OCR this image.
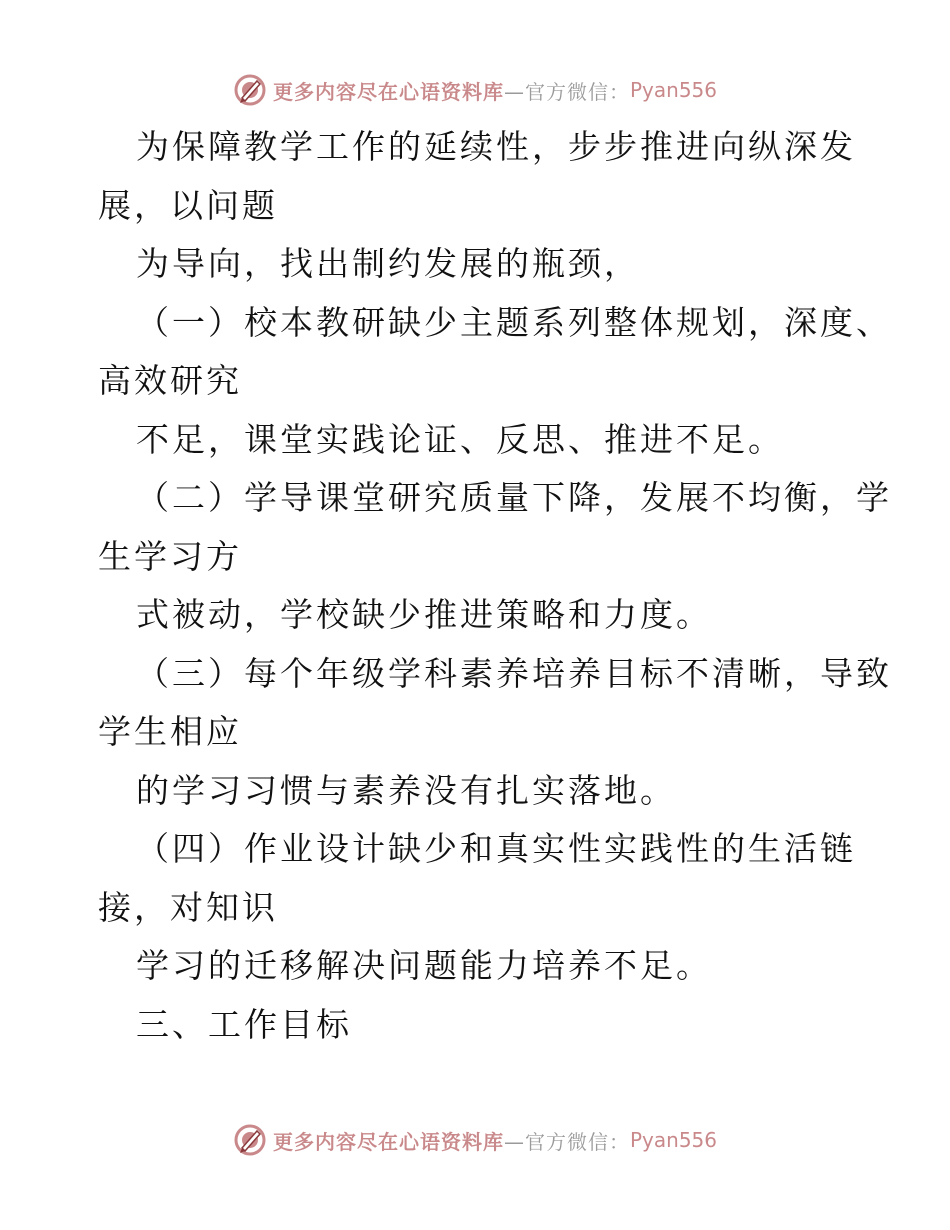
更多内容尽在心语资料库 —官方微信： Pyan556
为保障教学工作的延续性，步步推进向纵深发
展，以问题
为导向，找出制约发展的瓶颈，
（一）校本教研缺少主题系列整体规划，深度、
高效研究
不足，课堂实践论证、反思、推进不足。
（二）学导课堂研究质量下降，发展不均衡，学
生学习方
式被动，学校缺少推进策略和力度。
（三）每个年级学科素养培养目标不清晰，导致
学生相应
的学习习惯与素养没有扎实落地。
（四）作业设计缺少和真实性实践性的生活链
接，对知识
学习的迁移解决问题能力培养不足。
三、工作目标
更多内容尽在心语资料库 —官方微信： Pyan556
